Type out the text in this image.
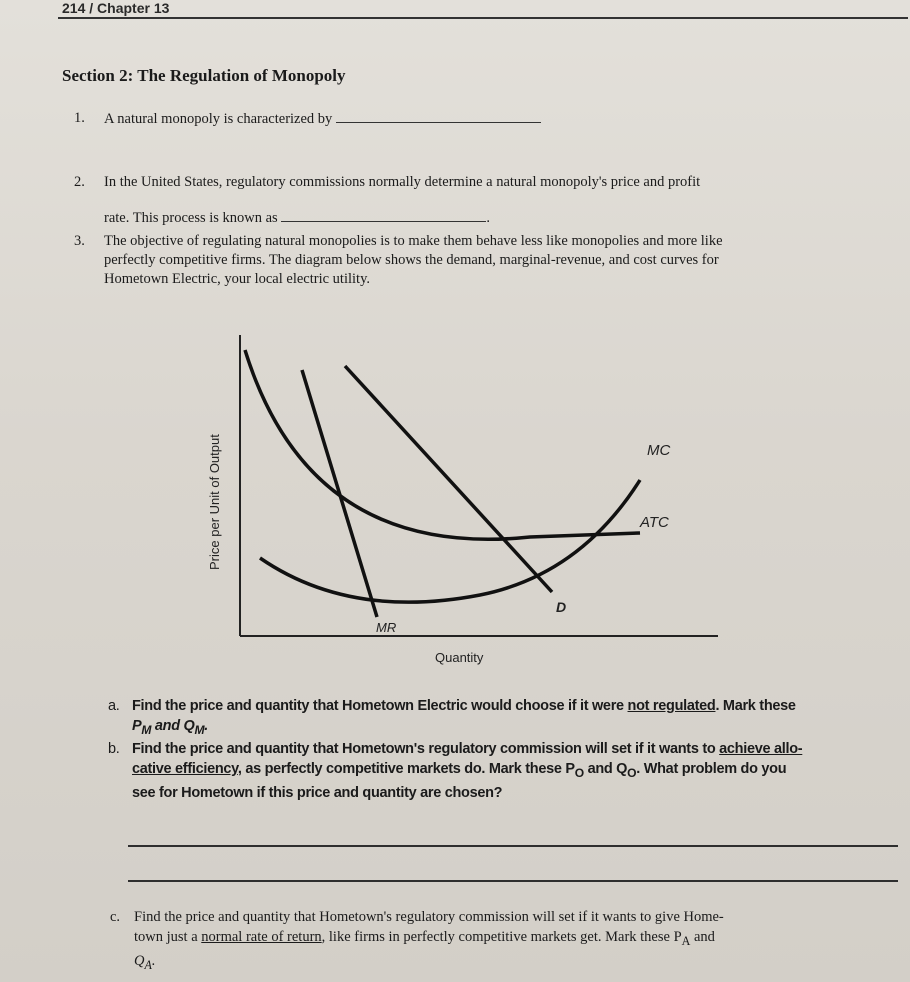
214 / Chapter 13
Section 2: The Regulation of Monopoly
1. A natural monopoly is characterized by
2. In the United States, regulatory commissions normally determine a natural monopoly's price and profit
rate. This process is known as	.
3. The objective of regulating natural monopolies is to make them behave less like monopolies and more like
perfectly competitive firms. The diagram below shows the demand, marginal-revenue, and cost curves for
Hometown Electric, your local electric utility.
MC
ATC
D
MR
Quantity
Price per Unit of Output
a. Find the price and quantity that Hometown Electric would choose if it were not regulated. Mark these
$P_M$ and $Q_M$.
b. Find the price and quantity that Hometown's regulatory commission will set if it wants to achieve allo-
cative efficiency, as perfectly competitive markets do. Mark these $P_O$ and $Q_O$. What problem do you
see for Hometown if this price and quantity are chosen?
c. Find the price and quantity that Hometown's regulatory commission will set if it wants to give Home-
town just a normal rate of return, like firms in perfectly competitive markets get. Mark these $P_A$ and
$Q_A$.
